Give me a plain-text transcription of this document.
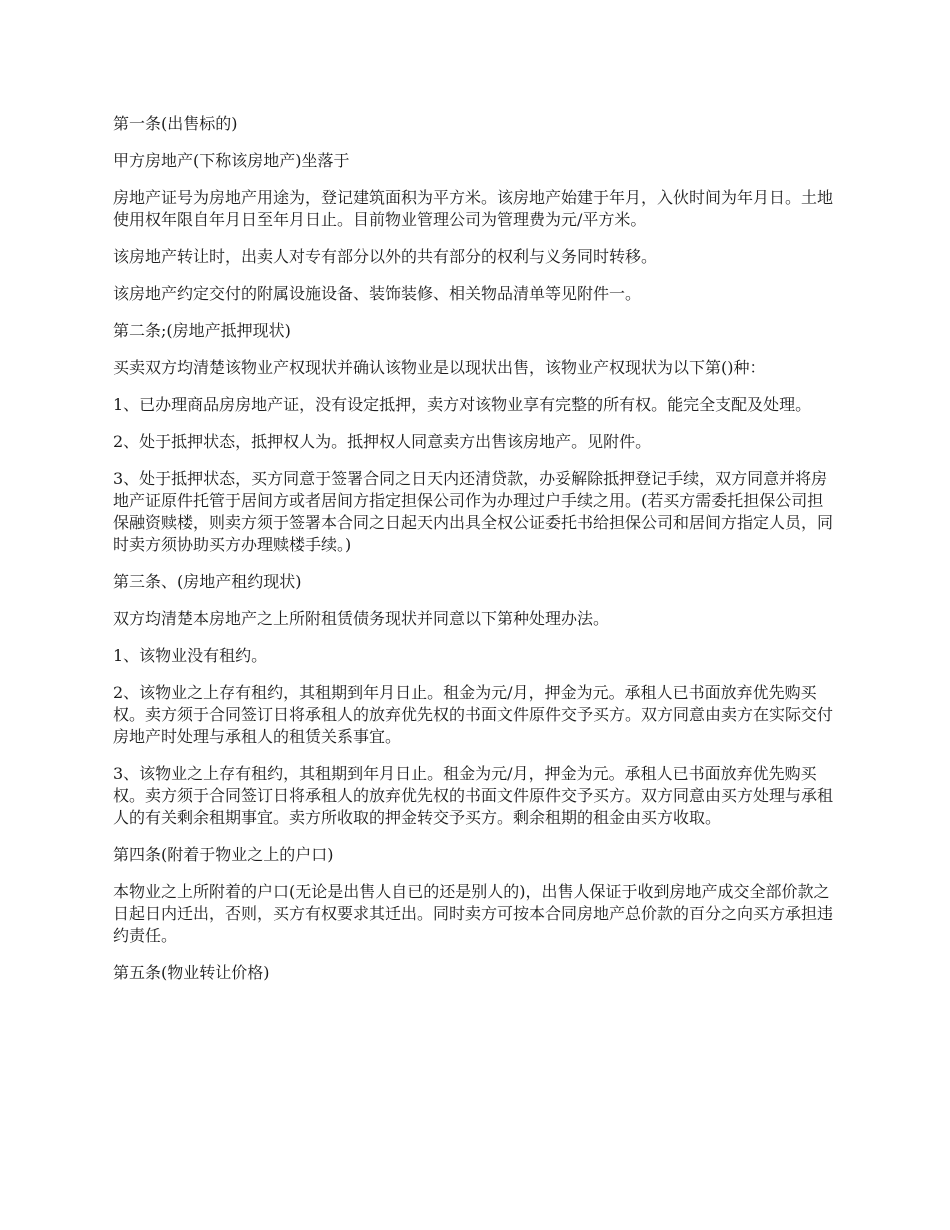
第一条(出售标的)

甲方房地产(下称该房地产)坐落于

房地产证号为房地产用途为，登记建筑面积为平方米。该房地产始建于年月，入伙时间为年月日。土地使用权年限自年月日至年月日止。目前物业管理公司为管理费为元/平方米。

该房地产转让时，出卖人对专有部分以外的共有部分的权利与义务同时转移。

该房地产约定交付的附属设施设备、装饰装修、相关物品清单等见附件一。

第二条;(房地产抵押现状)

买卖双方均清楚该物业产权现状并确认该物业是以现状出售，该物业产权现状为以下第()种：

1、已办理商品房房地产证，没有设定抵押，卖方对该物业享有完整的所有权。能完全支配及处理。

2、处于抵押状态，抵押权人为。抵押权人同意卖方出售该房地产。见附件。

3、处于抵押状态，买方同意于签署合同之日天内还清贷款，办妥解除抵押登记手续，双方同意并将房地产证原件托管于居间方或者居间方指定担保公司作为办理过户手续之用。(若买方需委托担保公司担保融资赎楼，则卖方须于签署本合同之日起天内出具全权公证委托书给担保公司和居间方指定人员，同时卖方须协助买方办理赎楼手续。)

第三条、(房地产租约现状)

双方均清楚本房地产之上所附租赁债务现状并同意以下第种处理办法。

1、该物业没有租约。

2、该物业之上存有租约，其租期到年月日止。租金为元/月，押金为元。承租人已书面放弃优先购买权。卖方须于合同签订日将承租人的放弃优先权的书面文件原件交予买方。双方同意由卖方在实际交付房地产时处理与承租人的租赁关系事宜。

3、该物业之上存有租约，其租期到年月日止。租金为元/月，押金为元。承租人已书面放弃优先购买权。卖方须于合同签订日将承租人的放弃优先权的书面文件原件交予买方。双方同意由买方处理与承租人的有关剩余租期事宜。卖方所收取的押金转交予买方。剩余租期的租金由买方收取。

第四条(附着于物业之上的户口)

本物业之上所附着的户口(无论是出售人自已的还是别人的)，出售人保证于收到房地产成交全部价款之日起日内迁出，否则，买方有权要求其迁出。同时卖方可按本合同房地产总价款的百分之向买方承担违约责任。

第五条(物业转让价格)
